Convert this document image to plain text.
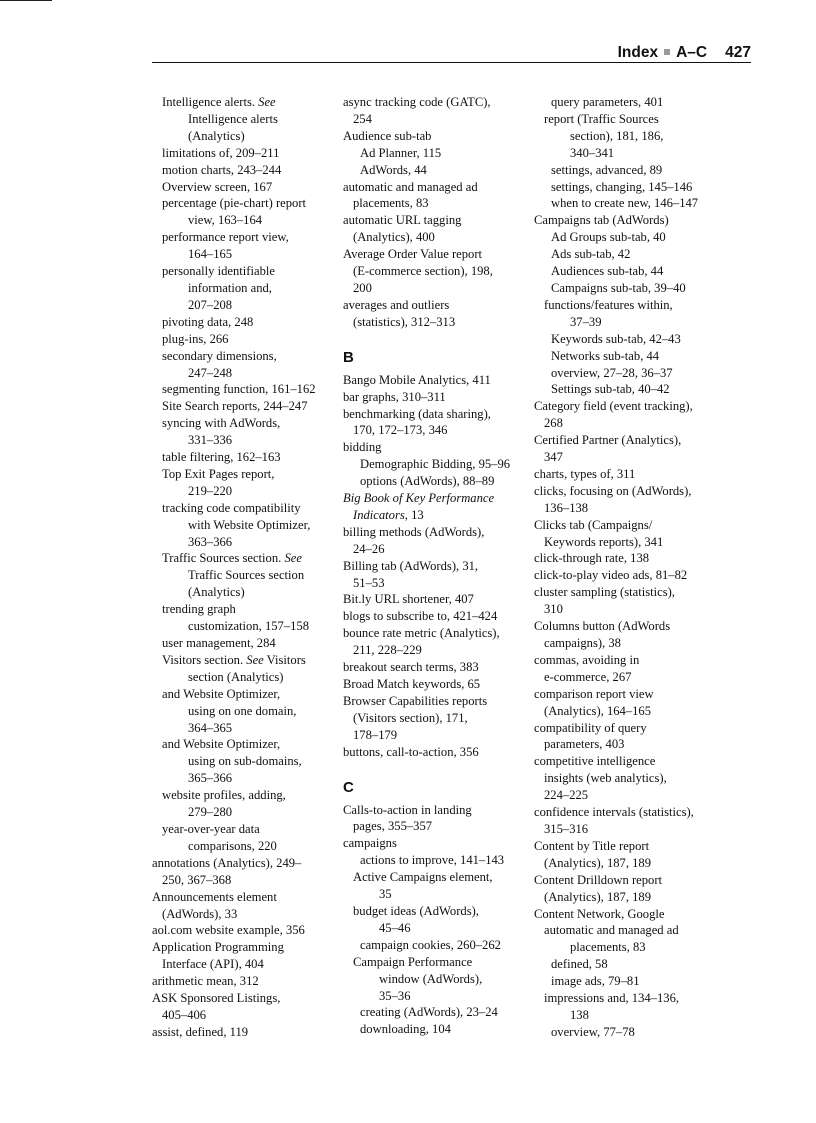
Index A–C 427
Intelligence alerts. See Intelligence alerts
(Analytics)
limitations of, 209–211
motion charts, 243–244
Overview screen, 167
percentage (pie-chart) report
view, 163–164
performance report view,
164–165
personally identifiable
information and,
207–208
pivoting data, 248
plug-ins, 266
secondary dimensions,
247–248
segmenting function, 161–162
Site Search reports, 244–247
syncing with AdWords,
331–336
table filtering, 162–163
Top Exit Pages report,
219–220
tracking code compatibility
with Website Optimizer,
363–366
Traffic Sources section. See Traffic Sources section
(Analytics)
trending graph
customization, 157–158
user management, 284
Visitors section. See Visitors
section (Analytics)
and Website Optimizer,
using on one domain,
364–365
and Website Optimizer,
using on sub-domains,
365–366
website profiles, adding,
279–280
year-over-year data
comparisons, 220
annotations (Analytics), 249–
250, 367–368
Announcements element
(AdWords), 33
aol.com website example, 356
Application Programming
Interface (API), 404
arithmetic mean, 312
ASK Sponsored Listings,
405–406
assist, defined, 119
async tracking code (GATC),
254
Audience sub-tab
Ad Planner, 115
AdWords, 44
automatic and managed ad
placements, 83
automatic URL tagging
(Analytics), 400
Average Order Value report
(E-commerce section), 198,
200
averages and outliers
(statistics), 312–313
B
Bango Mobile Analytics, 411
bar graphs, 310–311
benchmarking (data sharing),
170, 172–173, 346
bidding
Demographic Bidding, 95–96
options (AdWords), 88–89
Big Book of Key Performance
Indicators, 13
billing methods (AdWords),
24–26
Billing tab (AdWords), 31,
51–53
Bit.ly URL shortener, 407
blogs to subscribe to, 421–424
bounce rate metric (Analytics),
211, 228–229
breakout search terms, 383
Broad Match keywords, 65
Browser Capabilities reports
(Visitors section), 171,
178–179
buttons, call-to-action, 356
C
Calls-to-action in landing
pages, 355–357
campaigns
actions to improve, 141–143
Active Campaigns element,
35
budget ideas (AdWords),
45–46
campaign cookies, 260–262
Campaign Performance
window (AdWords),
35–36
creating (AdWords), 23–24
downloading, 104
query parameters, 401
report (Traffic Sources
section), 181, 186,
340–341
settings, advanced, 89
settings, changing, 145–146
when to create new, 146–147
Campaigns tab (AdWords)
Ad Groups sub-tab, 40
Ads sub-tab, 42
Audiences sub-tab, 44
Campaigns sub-tab, 39–40
functions/features within,
37–39
Keywords sub-tab, 42–43
Networks sub-tab, 44
overview, 27–28, 36–37
Settings sub-tab, 40–42
Category field (event tracking),
268
Certified Partner (Analytics),
347
charts, types of, 311
clicks, focusing on (AdWords),
136–138
Clicks tab (Campaigns/
Keywords reports), 341
click-through rate, 138
click-to-play video ads, 81–82
cluster sampling (statistics),
310
Columns button (AdWords
campaigns), 38
commas, avoiding in
e-commerce, 267
comparison report view
(Analytics), 164–165
compatibility of query
parameters, 403
competitive intelligence
insights (web analytics),
224–225
confidence intervals (statistics),
315–316
Content by Title report
(Analytics), 187, 189
Content Drilldown report
(Analytics), 187, 189
Content Network, Google
automatic and managed ad
placements, 83
defined, 58
image ads, 79–81
impressions and, 134–136,
138
overview, 77–78
